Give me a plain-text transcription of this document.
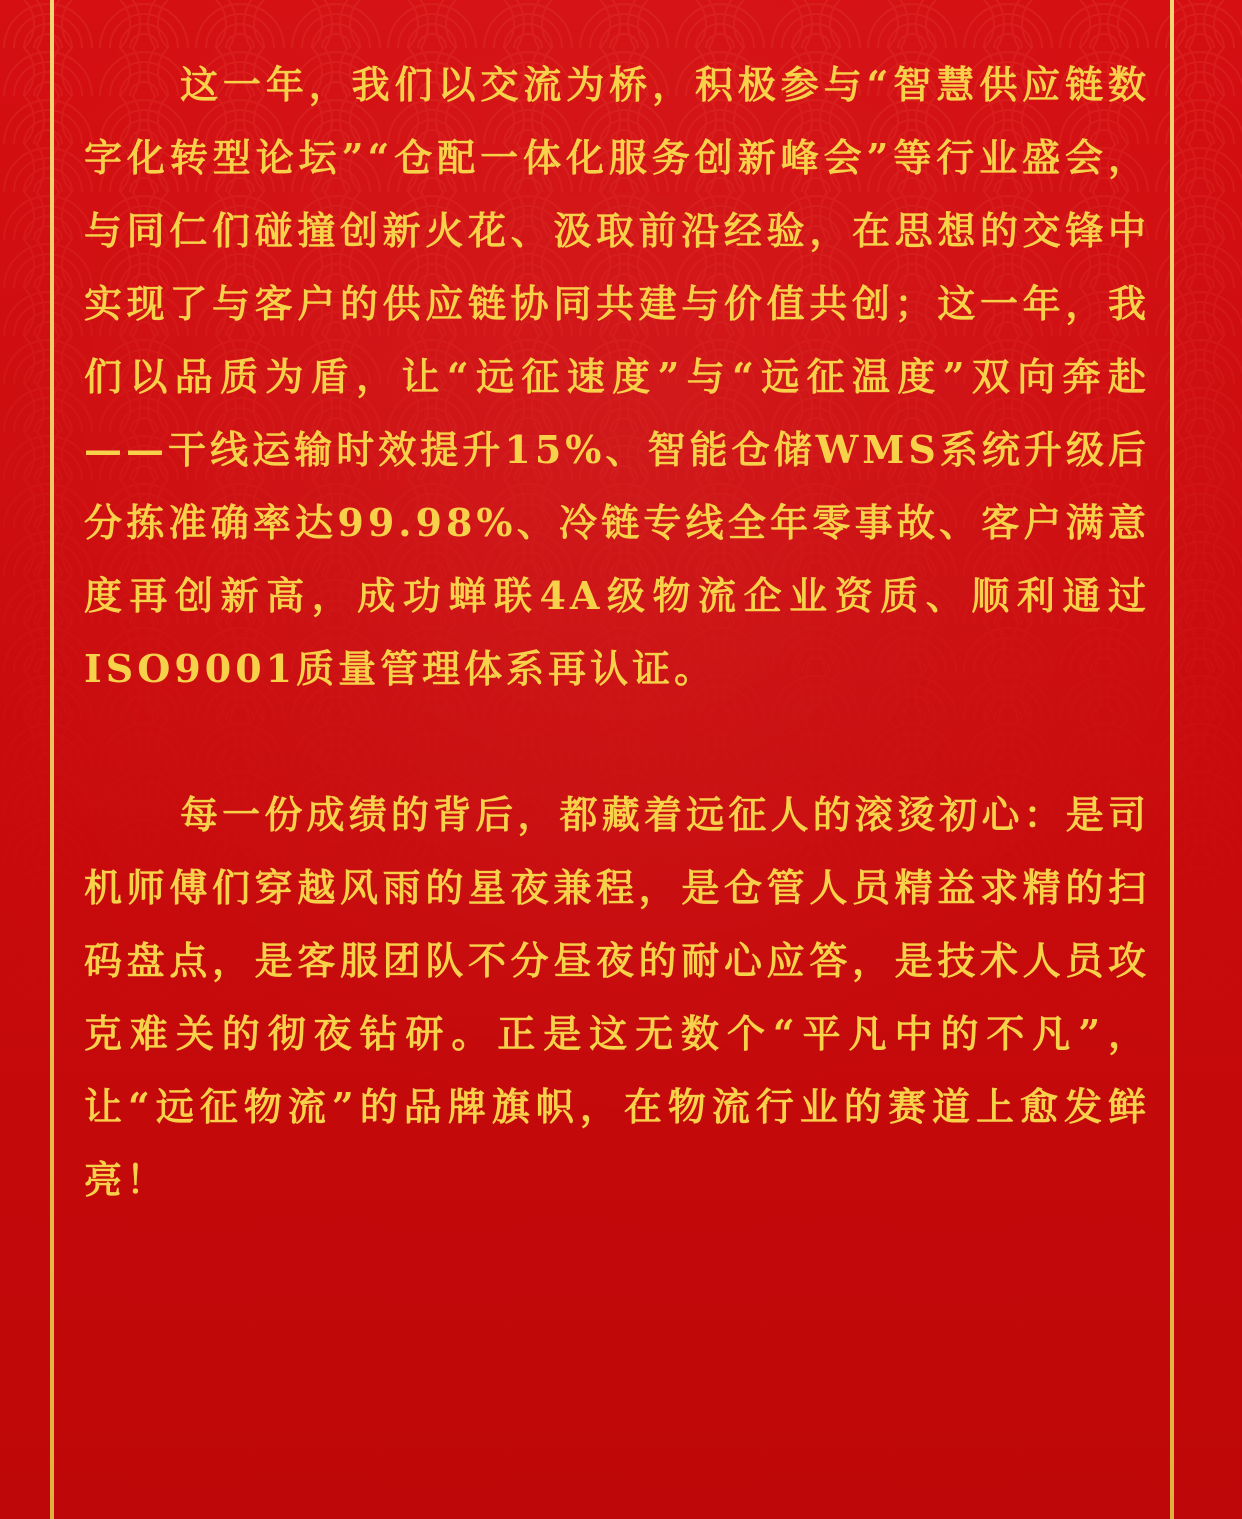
这一年，我们以交流为桥，积极参与“智慧供应链数字化转型论坛”“仓配一体化服务创新峰会”等行业盛会，与同仁们碰撞创新火花、汲取前沿经验，在思想的交锋中实现了与客户的供应链协同共建与价值共创；这一年，我们以品质为盾，让“远征速度”与“远征温度”双向奔赴——干线运输时效提升15%、智能仓储WMS系统升级后分拣准确率达99.98%、冷链专线全年零事故、客户满意度再创新高，成功蝉联4A级物流企业资质、顺利通过ISO9001质量管理体系再认证。

每一份成绩的背后，都藏着远征人的滚烫初心：是司机师傅们穿越风雨的星夜兼程，是仓管人员精益求精的扫码盘点，是客服团队不分昼夜的耐心应答，是技术人员攻克难关的彻夜钻研。正是这无数个“平凡中的不凡”，让“远征物流”的品牌旗帜，在物流行业的赛道上愈发鲜亮！
